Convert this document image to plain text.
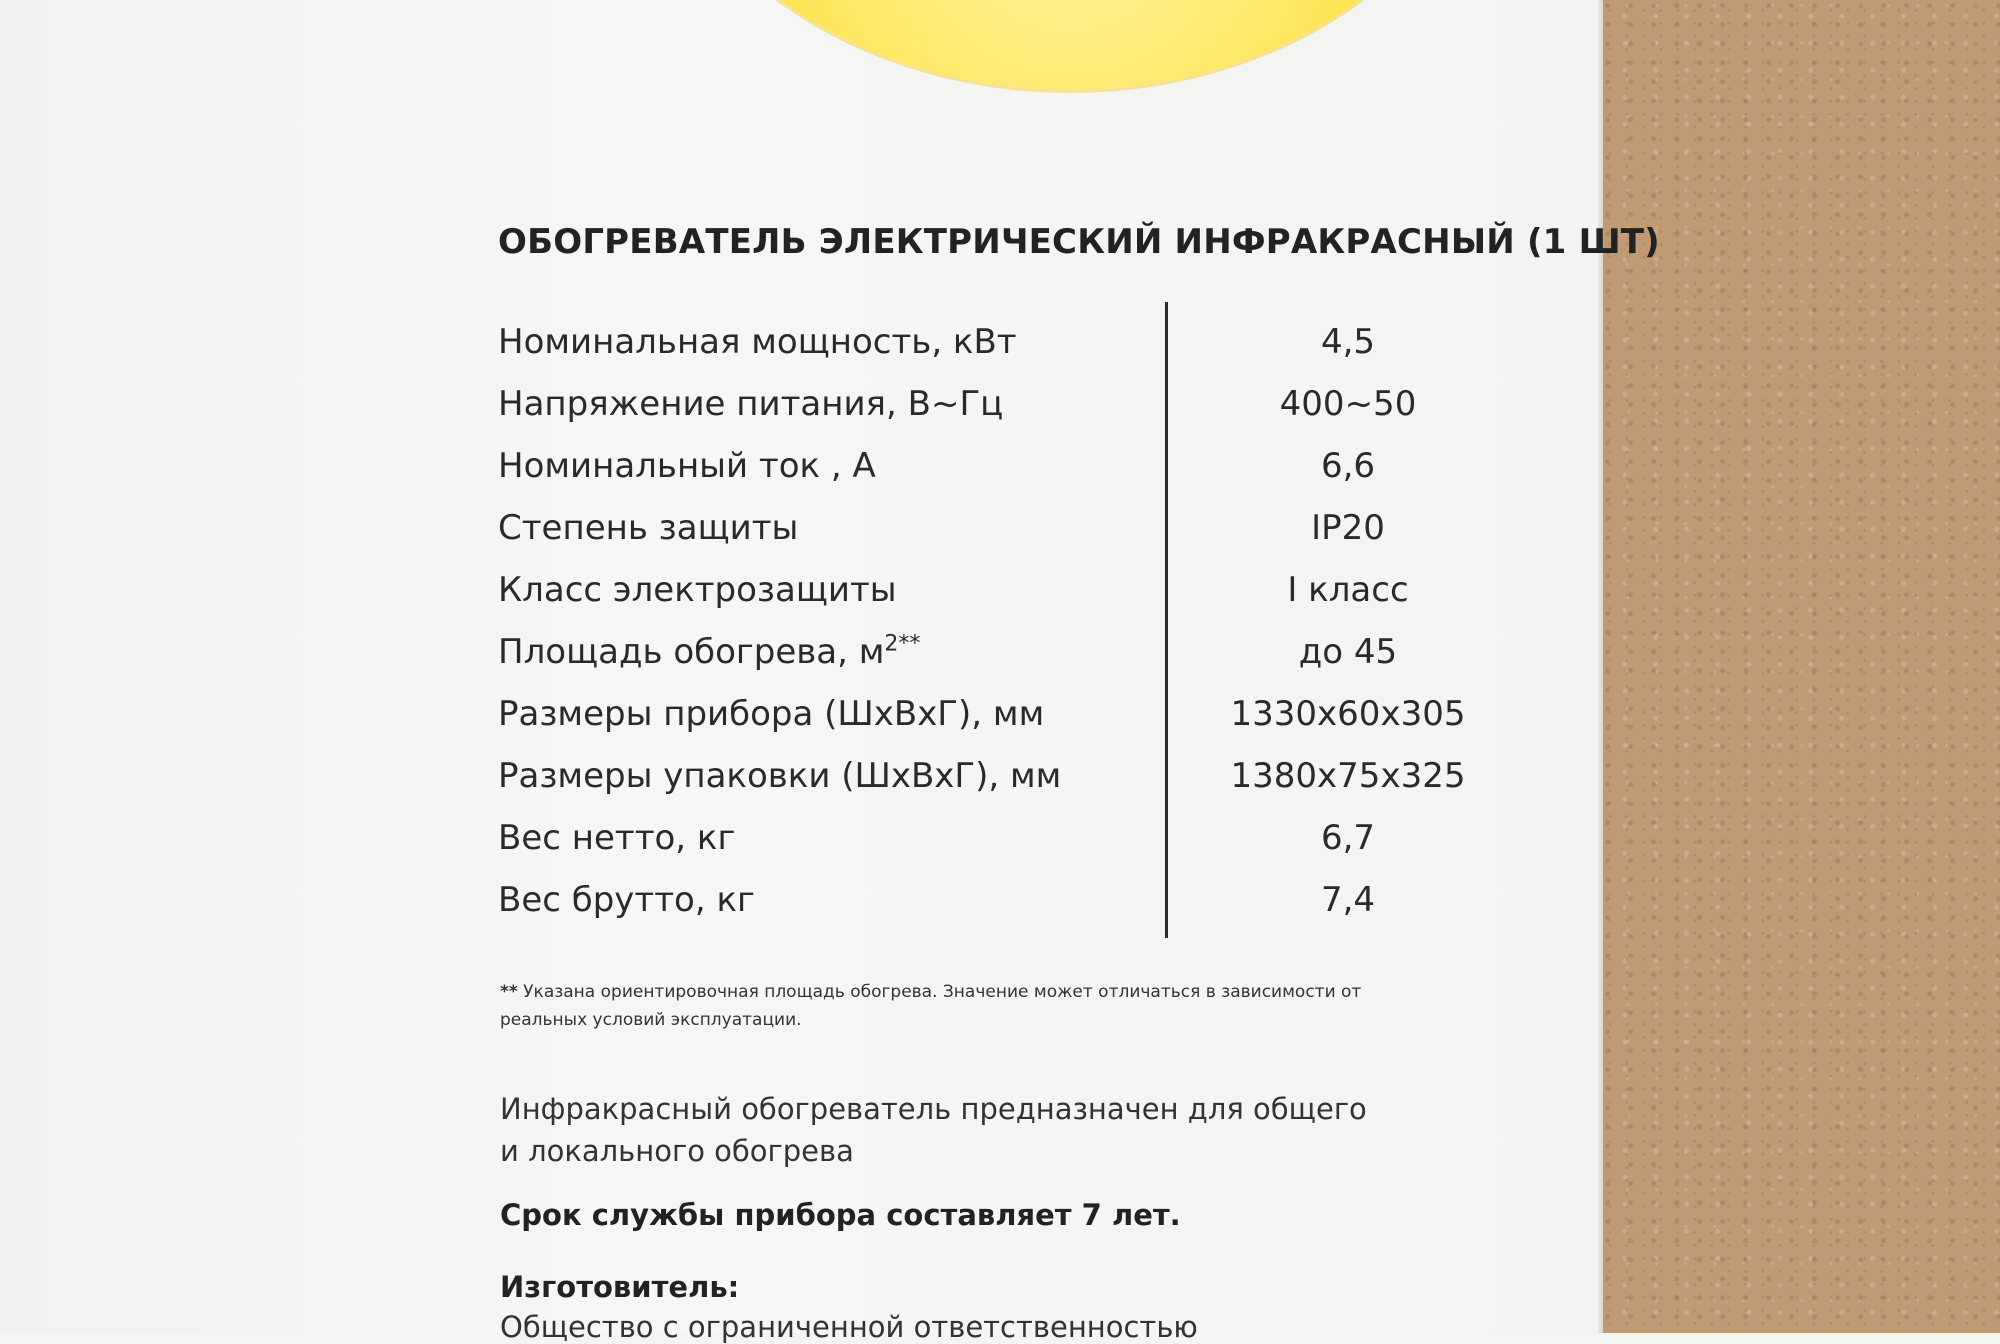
ОБОГРЕВАТЕЛЬ ЭЛЕКТРИЧЕСКИЙ ИНФРАКРАСНЫЙ (1 ШТ)
Номинальная мощность, кВт	4,5
Напряжение питания, В~Гц	400~50
Номинальный ток , А	6,6
Степень защиты	IP20
Класс электрозащиты	I класс
Площадь обогрева, $м^{2**}$	до 45
Размеры прибора (ШхВхГ), мм	1330x60x305
Размеры упаковки (ШхВхГ), мм	1380x75x325
Вес нетто, кг	6,7
Вес брутто, кг	7,4
** Указана ориентировочная площадь обогрева. Значение может отличаться в зависимости от реальных условий эксплуатации.
Инфракрасный обогреватель предназначен для общего
и локального обогрева
Срок службы прибора составляет 7 лет.
Изготовитель:
Общество с ограниченной ответственностью
